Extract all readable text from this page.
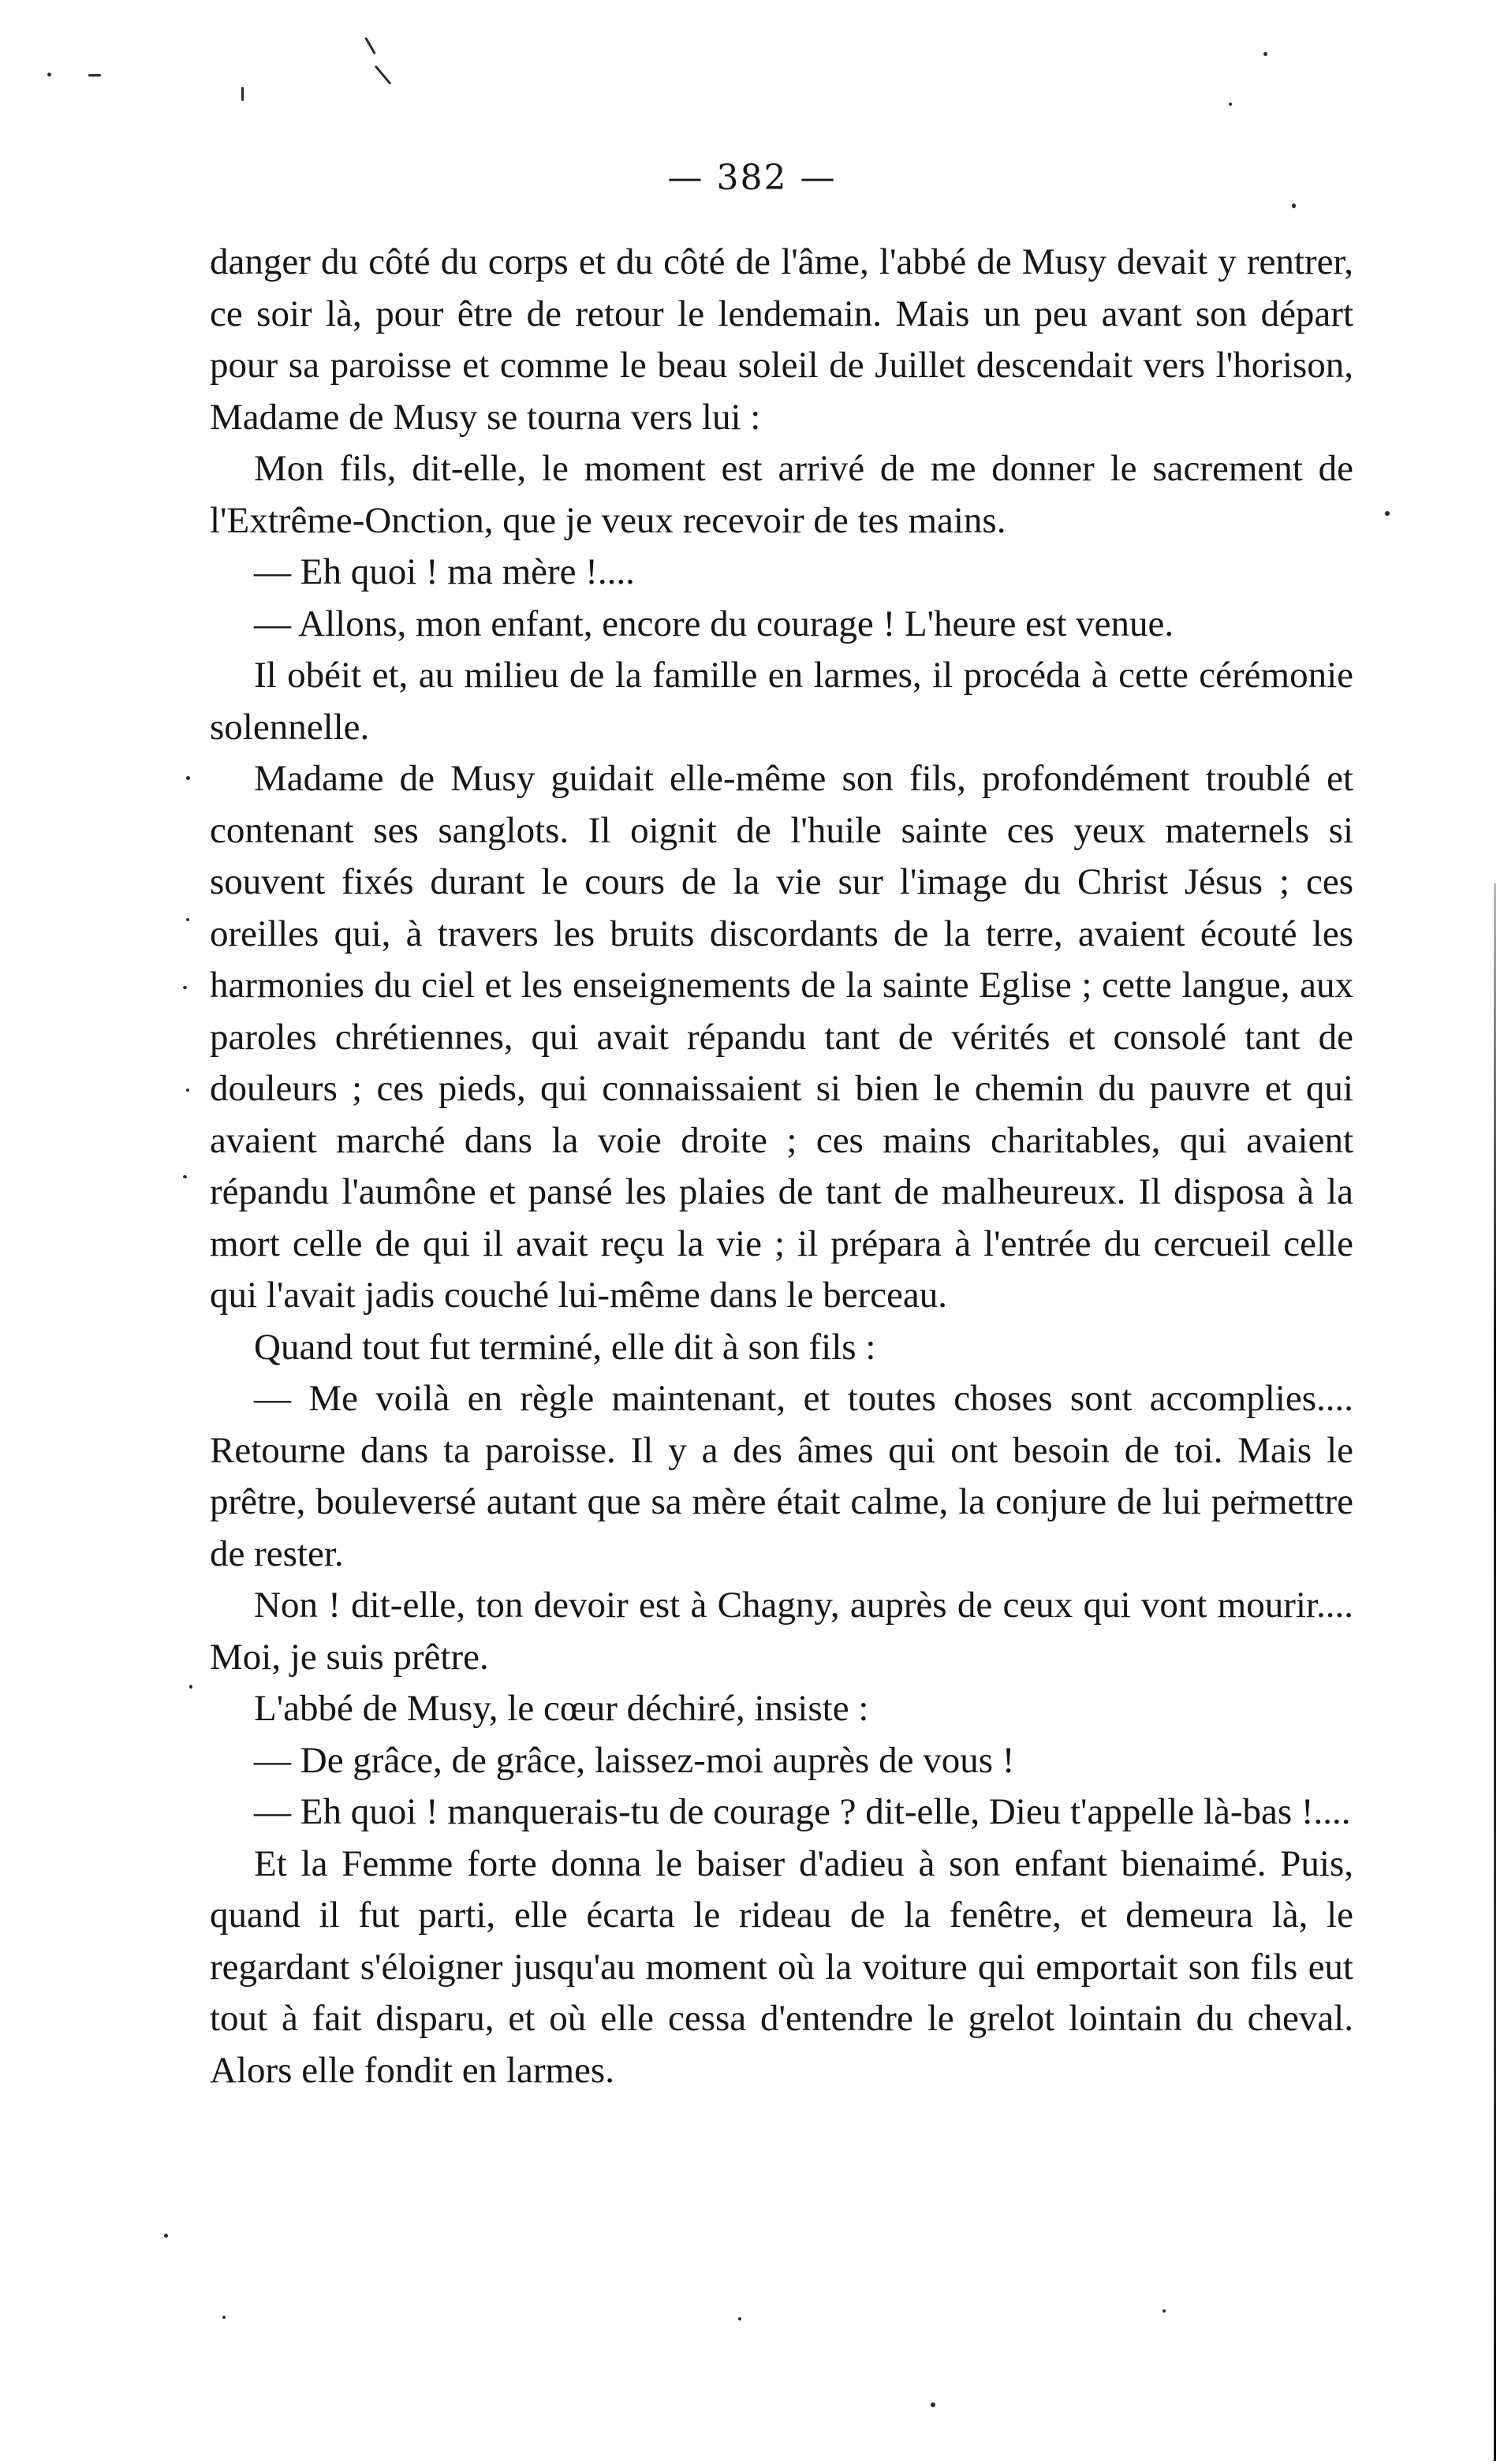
— 382 —

danger du côté du corps et du côté de l'âme, l'abbé de Musy devait y rentrer, ce soir là, pour être de retour le lendemain. Mais un peu avant son départ pour sa paroisse et comme le beau soleil de Juillet descendait vers l'horison, Madame de Musy se tourna vers lui :

Mon fils, dit-elle, le moment est arrivé de me donner le sacrement de l'Extrême-Onction, que je veux recevoir de tes mains.

— Eh quoi ! ma mère !....

— Allons, mon enfant, encore du courage ! L'heure est venue.

Il obéit et, au milieu de la famille en larmes, il procéda à cette cérémonie solennelle.

Madame de Musy guidait elle-même son fils, profondément troublé et contenant ses sanglots. Il oignit de l'huile sainte ces yeux maternels si souvent fixés durant le cours de la vie sur l'image du Christ Jésus ; ces oreilles qui, à travers les bruits discordants de la terre, avaient écouté les harmonies du ciel et les enseignements de la sainte Eglise ; cette langue, aux paroles chrétiennes, qui avait répandu tant de vérités et consolé tant de douleurs ; ces pieds, qui connaissaient si bien le chemin du pauvre et qui avaient marché dans la voie droite ; ces mains charitables, qui avaient répandu l'aumône et pansé les plaies de tant de malheureux. Il disposa à la mort celle de qui il avait reçu la vie ; il prépara à l'entrée du cercueil celle qui l'avait jadis couché lui-même dans le berceau.

Quand tout fut terminé, elle dit à son fils :

— Me voilà en règle maintenant, et toutes choses sont accomplies.... Retourne dans ta paroisse. Il y a des âmes qui ont besoin de toi. Mais le prêtre, bouleversé autant que sa mère était calme, la conjure de lui permettre de rester.

Non ! dit-elle, ton devoir est à Chagny, auprès de ceux qui vont mourir.... Moi, je suis prêtre.

L'abbé de Musy, le cœur déchiré, insiste :

— De grâce, de grâce, laissez-moi auprès de vous !

— Eh quoi ! manquerais-tu de courage ? dit-elle, Dieu t'appelle là-bas !....

Et la Femme forte donna le baiser d'adieu à son enfant bienaimé. Puis, quand il fut parti, elle écarta le rideau de la fenêtre, et demeura là, le regardant s'éloigner jusqu'au moment où la voiture qui emportait son fils eut tout à fait disparu, et où elle cessa d'entendre le grelot lointain du cheval. Alors elle fondit en larmes.
